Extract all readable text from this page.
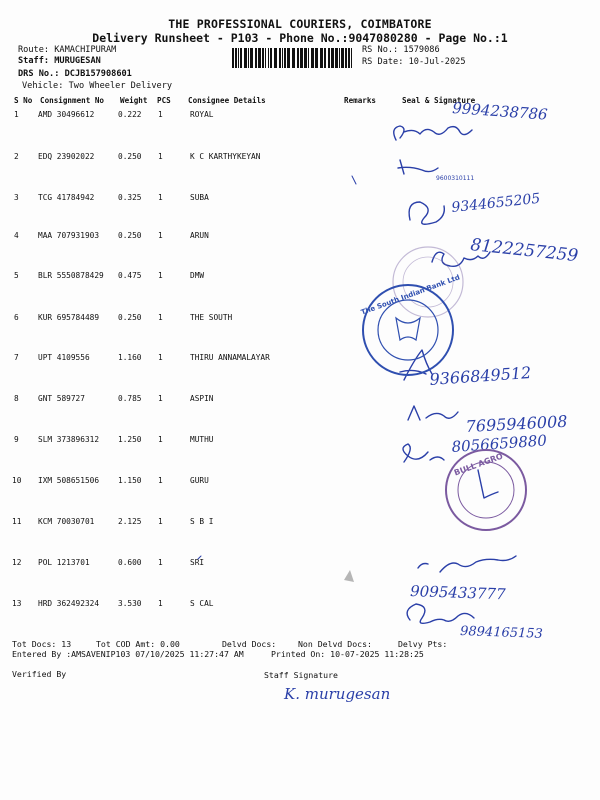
THE PROFESSIONAL COURIERS, COIMBATORE
Delivery Runsheet - P103 - Phone No.:9047080280 - Page No.:1
Route: KAMACHIPURAM
Staff: MURUGESAN
DRS No.: DCJB157908601
Vehicle: Two Wheeler Delivery
RS No.: 1579086
RS Date: 10-Jul-2025
S No Consignment No Weight PCS Consignee Details	Remarks	Seal & Signature
1 AMD 30496612	0.222 1	ROYAL
2 EDQ 23902022	0.250 1	K C KARTHYKEYAN
3 TCG 41784942	0.325 1	SUBA
4 MAA 707931903 0.250 1	ARUN
5 BLR 5550878429 0.475 1	DMW
6 KUR 695784489 0.250 1	THE SOUTH
7 UPT 4109556	1.160 1	THIRU ANNAMALAYAR
8 GNT 589727	0.785 1	ASPIN
9 SLM 373896312 1.250 1	MUTHU
10 IXM 508651506 1.150 1	GURU
11 KCM 70030701	2.125 1	S B I
12 POL 1213701	0.600 1	SRI
13 HRD 362492324 3.530 1	S CAL
Tot Docs: 13	Tot COD Amt: 0.00	Delvd Docs:	Non Delvd Docs:	Delvy Pts:
Entered By :AMSAVENIP103 07/10/2025 11:27:47 AM	Printed On: 10-07-2025 11:28:25
Verified By	Staff Signature
9994238786
9344655205
8122257259
9366849512
7695946008
8056659880
9095433777
9894165153
K. murugesan
9600310111
The South Indian Bank Ltd
BULL AGRO
